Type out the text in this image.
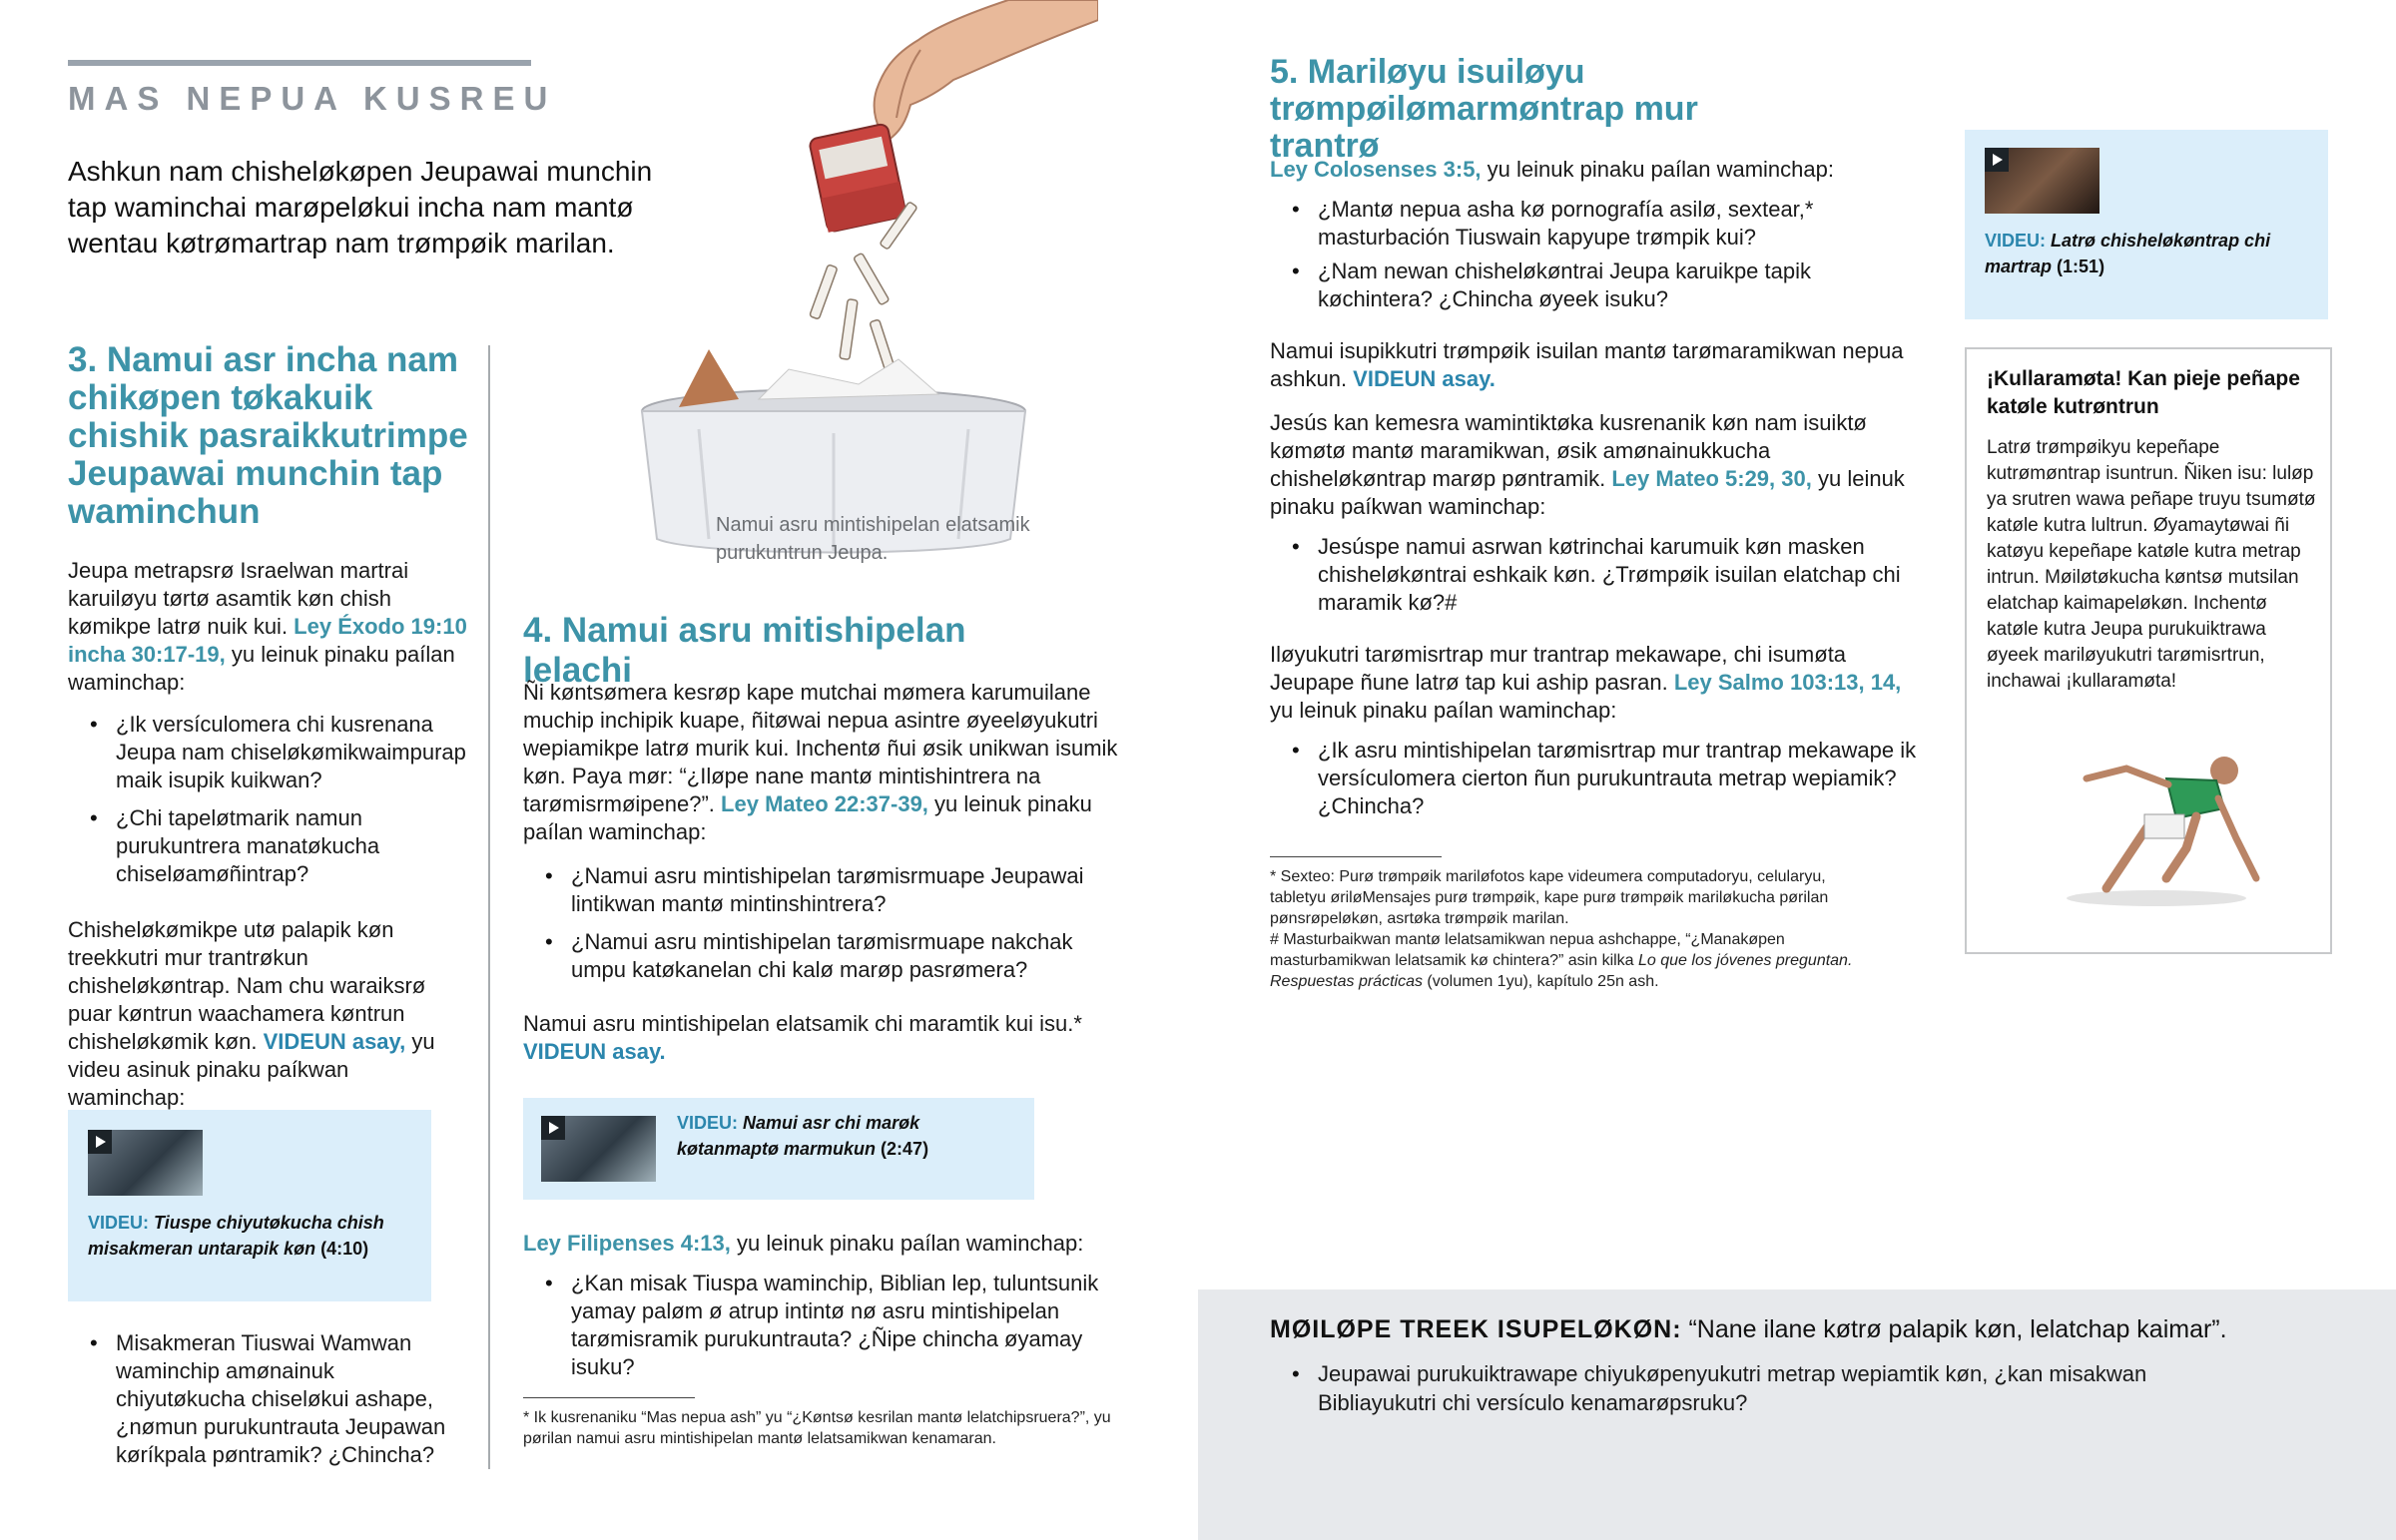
MAS NEPUA KUSREU
Ashkun nam chisheløkøpen Jeupawai munchin tap waminchai marøpeløkui incha nam mantø wentau køtrømartrap nam trømpøik marilan.
Namui asru mintishipelan elatsamik purukuntrun Jeupa.
3. Namui asr incha nam chikøpen tøkakuik chishik pasraikkutrimpe Jeupawai munchin tap waminchun

Jeupa metrapsrø Israelwan martrai karuiløyu tørtø asamtik køn chish kømikpe latrø nuik kui. Ley Éxodo 19:10 incha 30:17-19, yu leinuk pinaku paílan waminchap:

• ¿Ik versículomera chi kusrenana Jeupa nam chiseløkømikwaimpurap maik isupik kuikwan?
• ¿Chi tapeløtmarik namun purukuntrera manatøkucha chiseløamøñintrap?

Chisheløkømikpe utø palapik køn treekkutri mur trantrøkun chisheløkøntrap. Nam chu waraiksrø puar køntrun waachamera køntrun chisheløkømik køn. VIDEUN asay, yu videu asinuk pinaku paíkwan waminchap:

VIDEU: Tiuspe chiyutøkucha chish misakmeran untarapik køn (4:10)
• Misakmeran Tiuswai Wamwan waminchip amønainuk chiyutøkucha chiseløkui ashape, ¿nømun purukuntrauta Jeupawan køríkpala pøntramik? ¿Chincha?
4. Namui asru mitishipelan lelachi

Ñi køntsømera kesrøp kape mutchai mømera karumuilane muchip inchipik kuape, ñitøwai nepua asintre øyeeløyukutri wepiamikpe latrø murik kui. Inchentø ñui øsik unikwan isumik køn. Paya mør: “¿Iløpe nane mantø mintishintrera na tarømisrmøipene?”. Ley Mateo 22:37-39, yu leinuk pinaku paílan waminchap:

• ¿Namui asru mintishipelan tarømisrmuape Jeupawai lintikwan mantø mintinshintrera?
• ¿Namui asru mintishipelan tarømisrmuape nakchak umpu katøkanelan chi kalø marøp pasrømera?

Namui asru mintishipelan elatsamik chi maramtik kui isu.*
VIDEUN asay.

VIDEU: Namui asr chi marøk køtanmaptø marmukun (2:47)

Ley Filipenses 4:13, yu leinuk pinaku paílan waminchap:

• ¿Kan misak Tiuspa waminchip, Biblian lep, tuluntsunik yamay paløm ø atrup intintø nø asru mintishipelan tarømisramik purukuntrauta? ¿Ñipe chincha øyamay isuku?
* Ik kusrenaniku “Mas nepua ash” yu “¿Køntsø kesrilan mantø lelatchipsruera?”, yu pørilan namui asru mintishipelan mantø lelatsamikwan kenamaran.
5. Mariløyu isuiløyu trømpøilømarmøntrap mur trantrø

Ley Colosenses 3:5, yu leinuk pinaku paílan waminchap:

• ¿Mantø nepua asha kø pornografía asilø, sextear,* masturbación Tiuswain kapyupe trømpik kui?
• ¿Nam newan chisheløkøntrai Jeupa karuikpe tapik køchintera? ¿Chincha øyeek isuku?

Namui isupikkutri trømpøik isuilan mantø tarømaramikwan nepua ashkun. VIDEUN asay.

Jesús kan kemesra wamintiktøka kusrenanik køn nam isuiktø kømøtø mantø maramikwan, øsik amønainukkucha chisheløkøntrap marøp pøntramik. Ley Mateo 5:29, 30, yu leinuk pinaku paíkwan waminchap:

• Jesúspe namui asrwan køtrinchai karumuik køn masken chisheløkøntrai eshkaik køn. ¿Trømpøik isuilan elatchap chi maramik kø?#

Iløyukutri tarømisrtrap mur trantrap mekawape, chi isumøta Jeupape ñune latrø tap kui aship pasran. Ley Salmo 103:13, 14, yu leinuk pinaku paílan waminchap:

• ¿Ik asru mintishipelan tarømisrtrap mur trantrap mekawape ik versículomera cierton ñun purukuntrauta metrap wepiamik? ¿Chincha?
* Sexteo: Purø trømpøik mariløfotos kape videumera computadoryu, celularyu, tabletyu øriløMensajes purø trømpøik, kape purø trømpøik mariløkucha pørilan pønsrøpeløkøn, asrtøka trømpøik marilan.
# Masturbaikwan mantø lelatsamikwan nepua ashchappe, “¿Manakøpen masturbamikwan lelatsamik kø chintera?” asin kilka Lo que los jóvenes preguntan. Respuestas prácticas (volumen 1yu), kapítulo 25n ash.
VIDEU: Latrø chisheløkøntrap chi martrap (1:51)
¡Kullaramøta! Kan pieje peñape katøle kutrøntrun
Latrø trømpøikyu kepeñape kutrømøntrap isuntrun. Ñiken isu: luløp ya srutren wawa peñape truyu tsumøtø katøle kutra lultrun. Øyamaytøwai ñi katøyu kepeñape katøle kutra metrap intrun. Møiløtøkucha køntsø mutsilan elatchap kaimapeløkøn. Inchentø katøle kutra Jeupa purukuiktrawa øyeek mariløyukutri tarømisrtrun, inchawai ¡kullaramøta!
MØILØPE TREEK ISUPELØKØN: “Nane ilane køtrø palapik køn, lelatchap kaimar”.
• Jeupawai purukuiktrawape chiyukøpenyukutri metrap wepiamtik køn, ¿kan misakwan Bibliayukutri chi versículo kenamarøpsruku?
